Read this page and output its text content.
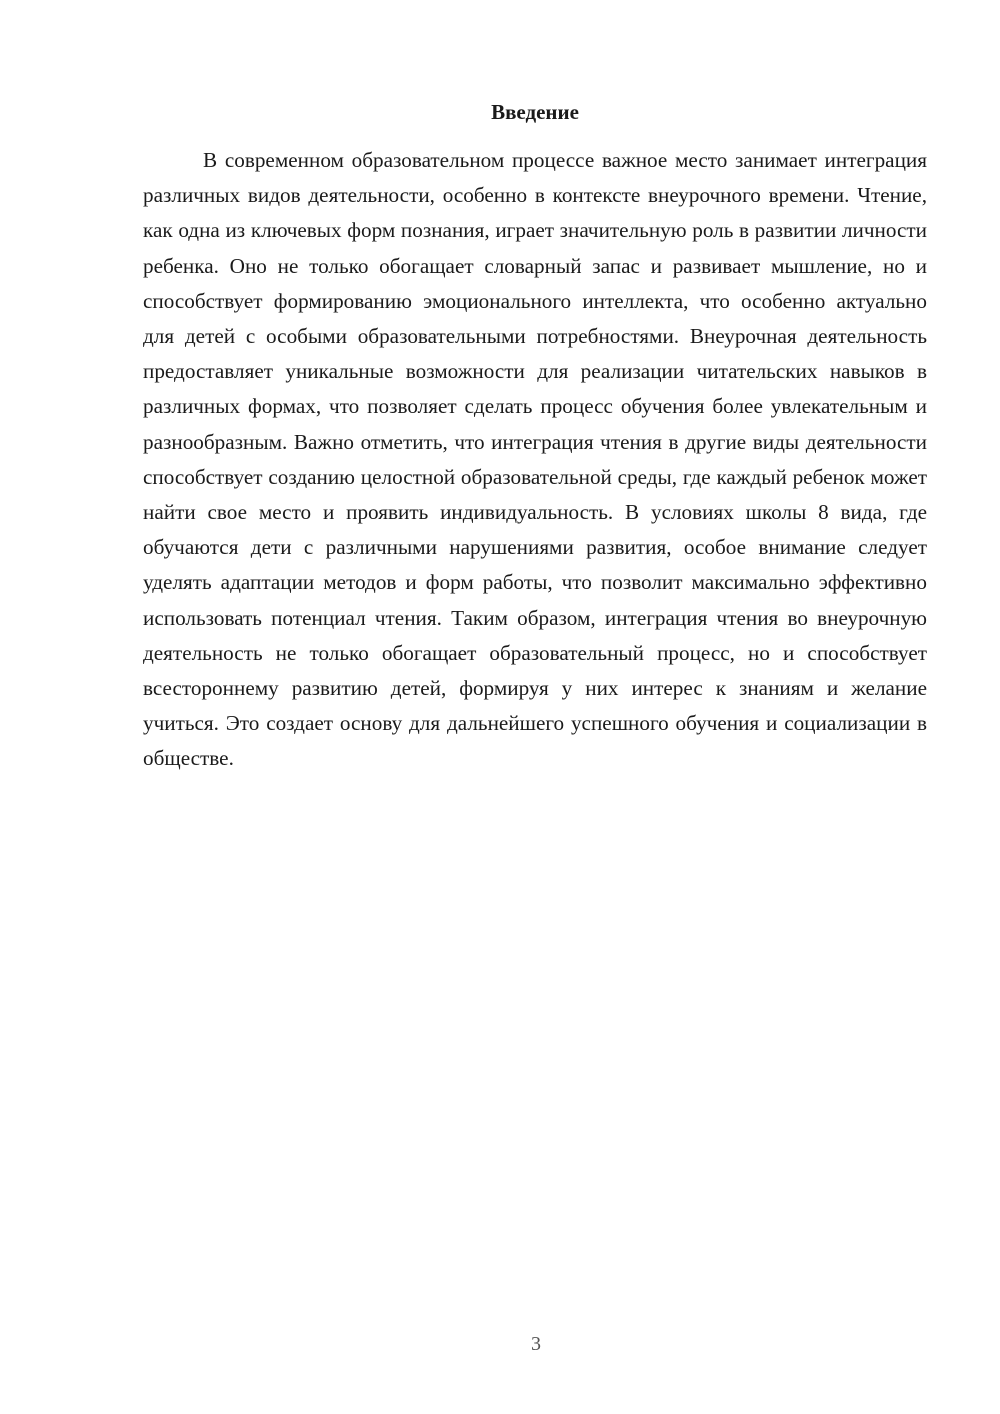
Введение

В современном образовательном процессе важное место занимает интеграция различных видов деятельности, особенно в контексте внеурочного времени. Чтение, как одна из ключевых форм познания, играет значительную роль в развитии личности ребенка. Оно не только обогащает словарный запас и развивает мышление, но и способствует формированию эмоционального интеллекта, что особенно актуально для детей с особыми образовательными потребностями. Внеурочная деятельность предоставляет уникальные возможности для реализации читательских навыков в различных формах, что позволяет сделать процесс обучения более увлекательным и разнообразным. Важно отметить, что интеграция чтения в другие виды деятельности способствует созданию целостной образовательной среды, где каждый ребенок может найти свое место и проявить индивидуальность. В условиях школы 8 вида, где обучаются дети с различными нарушениями развития, особое внимание следует уделять адаптации методов и форм работы, что позволит максимально эффективно использовать потенциал чтения. Таким образом, интеграция чтения во внеурочную деятельность не только обогащает образовательный процесс, но и способствует всестороннему развитию детей, формируя у них интерес к знаниям и желание учиться. Это создает основу для дальнейшего успешного обучения и социализации в обществе.

3
